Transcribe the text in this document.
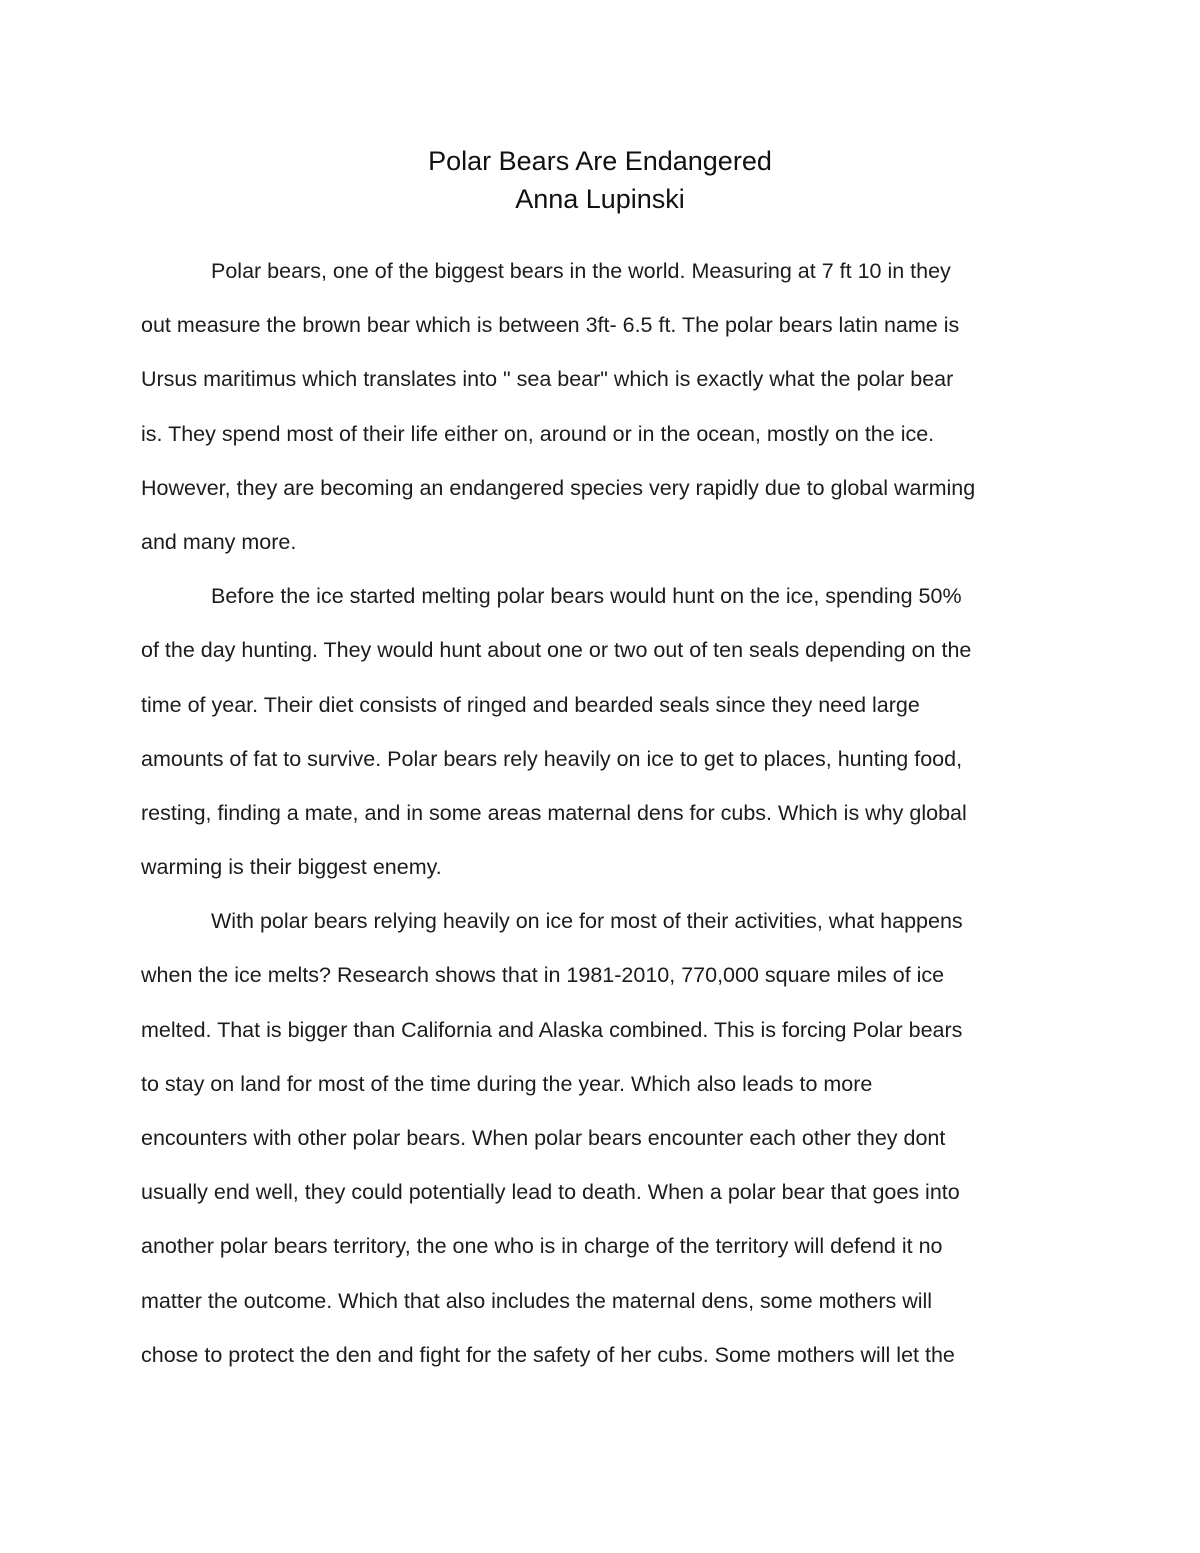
Polar Bears Are Endangered
Anna Lupinski
Polar bears, one of the biggest bears in the world. Measuring at 7 ft 10 in they
out measure the brown bear which is between 3ft- 6.5 ft. The polar bears latin name is
Ursus maritimus which translates into " sea bear" which is exactly what the polar bear
is. They spend most of their life either on, around or in the ocean, mostly on the ice.
However, they are becoming an endangered species very rapidly due to global warming
and many more.
Before the ice started melting polar bears would hunt on the ice, spending 50%
of the day hunting. They would hunt about one or two out of ten seals depending on the
time of year. Their diet consists of ringed and bearded seals since they need large
amounts of fat to survive. Polar bears rely heavily on ice to get to places, hunting food,
resting, finding a mate, and in some areas maternal dens for cubs. Which is why global
warming is their biggest enemy.
With polar bears relying heavily on ice for most of their activities, what happens
when the ice melts? Research shows that in 1981-2010, 770,000 square miles of ice
melted. That is bigger than California and Alaska combined. This is forcing Polar bears
to stay on land for most of the time during the year. Which also leads to more
encounters with other polar bears. When polar bears encounter each other they dont
usually end well, they could potentially lead to death. When a polar bear that goes into
another polar bears territory, the one who is in charge of the territory will defend it no
matter the outcome. Which that also includes the maternal dens, some mothers will
chose to protect the den and fight for the safety of her cubs. Some mothers will let the
